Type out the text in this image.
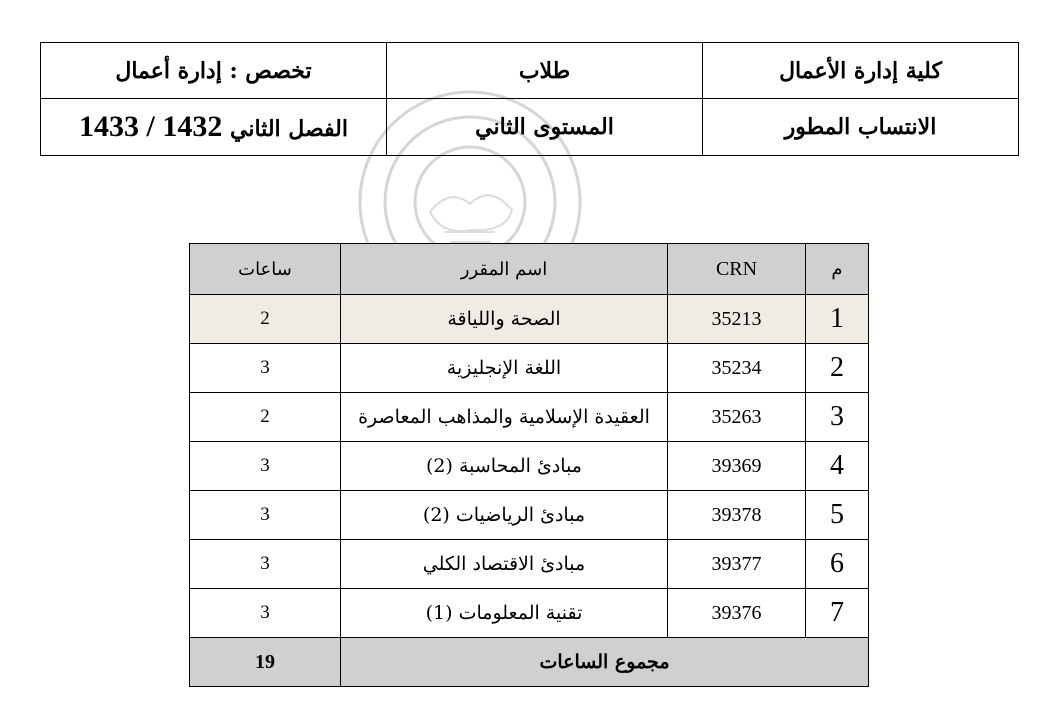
كلية إدارة الأعمال	طلاب	تخصص : إدارة أعمال
الانتساب المطور	المستوى الثاني	الفصل الثاني 1433 / 1432
م	CRN	اسم المقرر	ساعات
1	35213	الصحة واللياقة	2
2	35234	اللغة الإنجليزية	3
3	35263	العقيدة الإسلامية والمذاهب المعاصرة	2
4	39369	مبادئ المحاسبة (2)	3
5	39378	مبادئ الرياضيات (2)	3
6	39377	مبادئ الاقتصاد الكلي	3
7	39376	تقنية المعلومات (1)	3
مجموع الساعات			19
